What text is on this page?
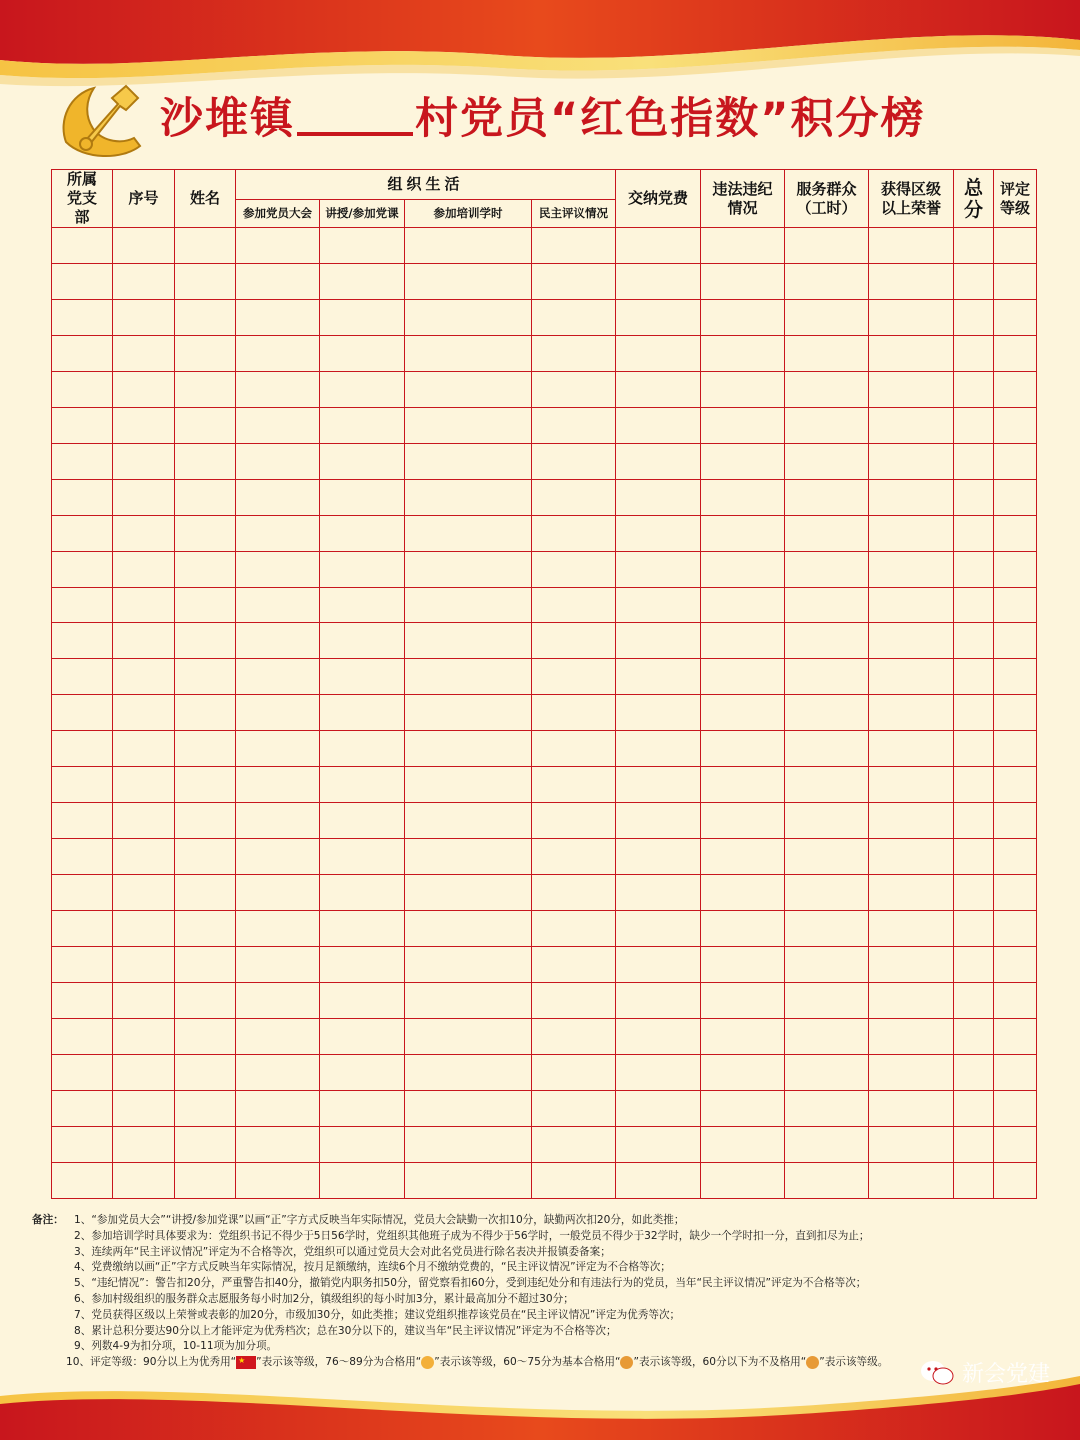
沙堆镇	村党员“红色指数”积分榜
所属党支部	序号	姓名	组织生活				交纳党费	违法违纪情况	服务群众（工时）	获得区级以上荣誉	总分	评定等级
			参加党员大会	讲授/参加党课	参加培训学时	民主评议情况						

备注： 1、“参加党员大会”“讲授/参加党课”以画“正”字方式反映当年实际情况，党员大会缺勤一次扣10分，缺勤两次扣20分，如此类推；
2、参加培训学时具体要求为：党组织书记不得少于5日56学时，党组织其他班子成为不得少于56学时，一般党员不得少于32学时，缺少一个学时扣一分，直到扣尽为止；
3、连续两年“民主评议情况”评定为不合格等次，党组织可以通过党员大会对此名党员进行除名表决并报镇委备案；
4、党费缴纳以画“正”字方式反映当年实际情况，按月足额缴纳，连续6个月不缴纳党费的，“民主评议情况”评定为不合格等次；
5、“违纪情况”：警告扣20分，严重警告扣40分，撤销党内职务扣50分，留党察看扣60分，受到违纪处分和有违法行为的党员，当年“民主评议情况”评定为不合格等次；
6、参加村级组织的服务群众志愿服务每小时加2分，镇级组织的每小时加3分，累计最高加分不超过30分；
7、党员获得区级以上荣誉或表彰的加20分，市级加30分，如此类推；建议党组织推荐该党员在“民主评议情况”评定为优秀等次；
8、累计总积分要达90分以上才能评定为优秀档次；总在30分以下的，建议当年“民主评议情况”评定为不合格等次；
9、列数4-9为扣分项，10-11项为加分项。
10、评定等级：90分以上为优秀用“ ★ ”表示该等级，76～89分为合格用“ ”表示该等级，60～75分为基本合格用“ ”表示该等级，60分以下为不及格用“ ”表示该等级。	新会党建
